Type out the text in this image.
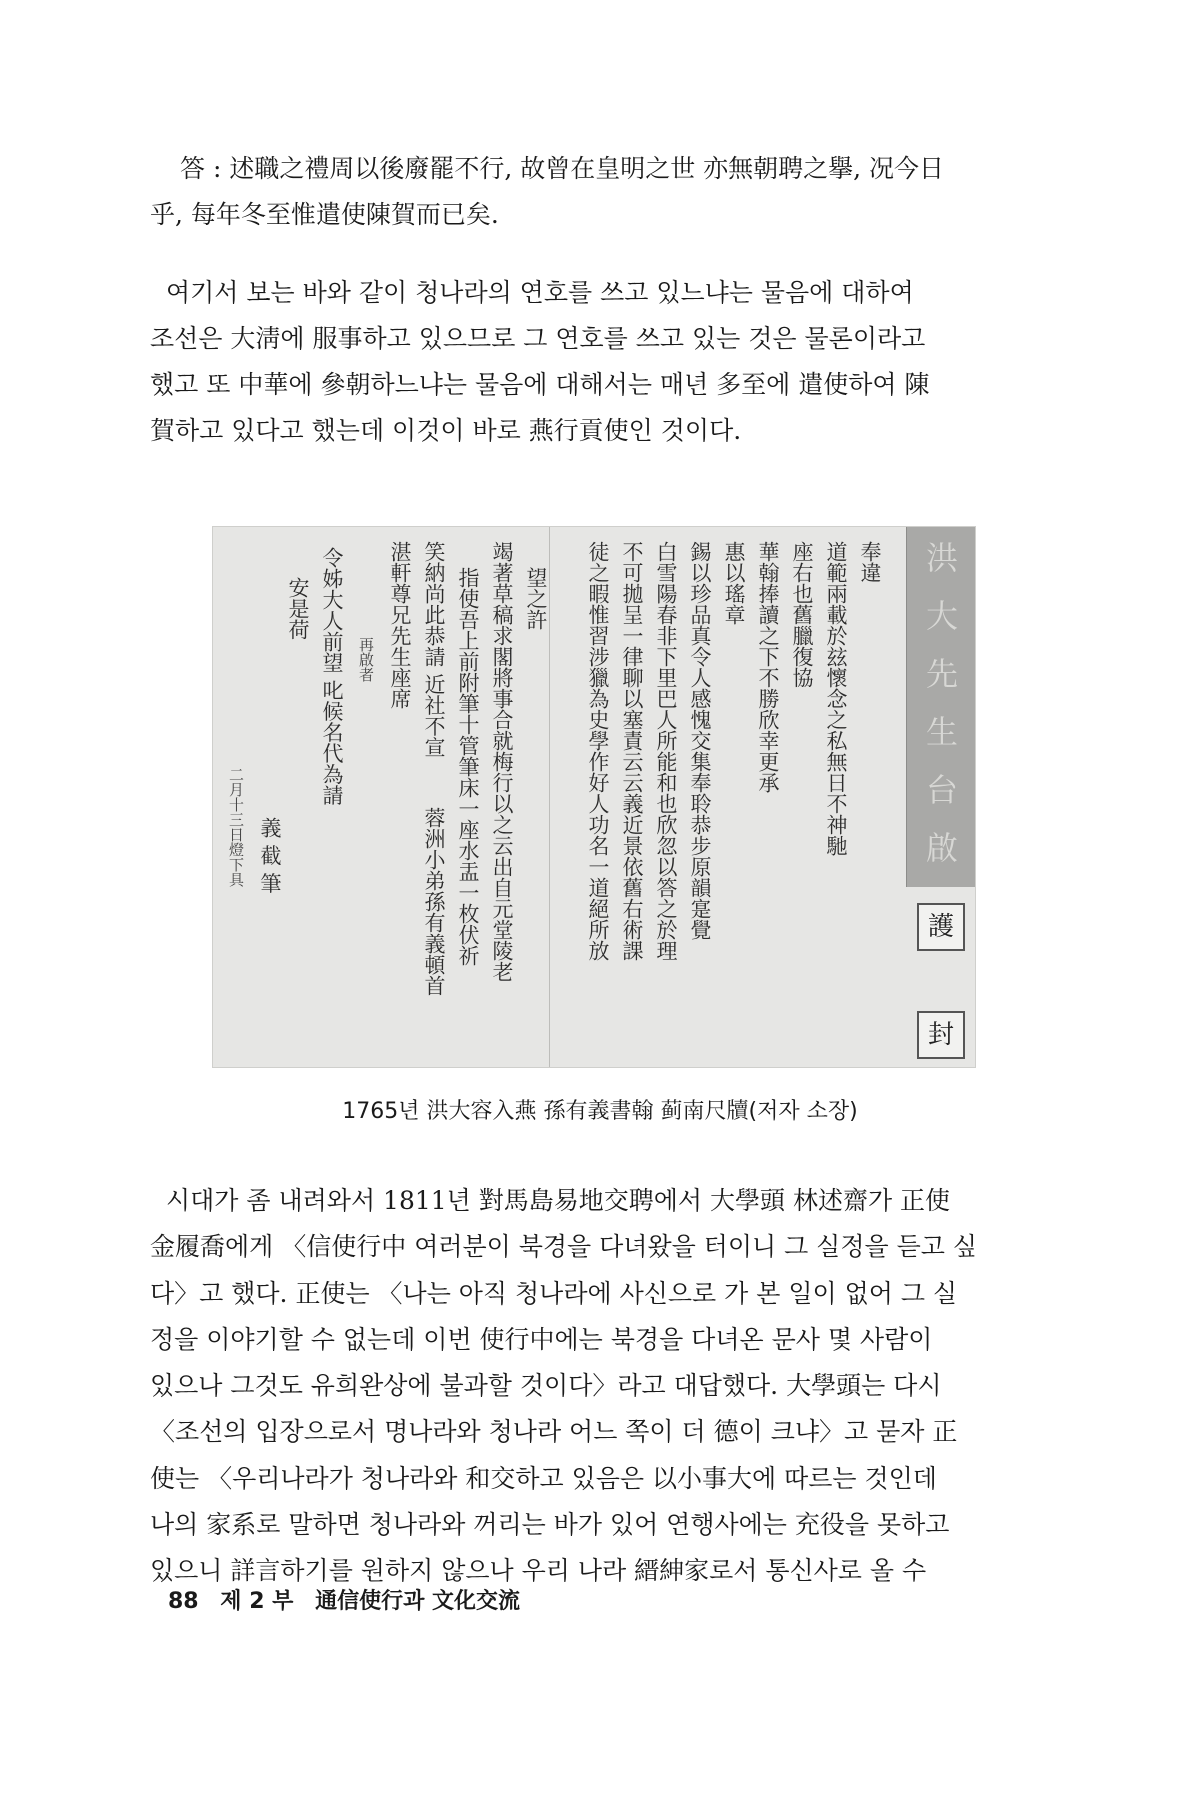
答 : 述職之禮周以後廢罷不行, 故曾在皇明之世 亦無朝聘之擧, 况今日
乎, 每年冬至惟遣使陳賀而已矣.
여기서 보는 바와 같이 청나라의 연호를 쓰고 있느냐는 물음에 대하여
조선은 大淸에 服事하고 있으므로 그 연호를 쓰고 있는 것은 물론이라고
했고 또 中華에 參朝하느냐는 물음에 대해서는 매년 多至에 遣使하여 陳
賀하고 있다고 했는데 이것이 바로 燕行貢使인 것이다.
洪大先生台啟
護
封
奉違
道範兩載於玆懷念之私無日不神馳
座右也舊臘復協
華翰捧讀之下不勝欣幸更承
惠以瑤章
錫以珍品真令人感愧交集奉聆恭步原韻寔覺
白雪陽春非下里巴人所能和也欣忽以答之於理
不可拋呈一律聊以塞責云云義近景依舊右術課
徒之暇惟習涉獵為史學作好人功名一道絕所放
望之許
竭著草稿求閣將事合就梅行以之云出自元堂陵老
指使吾上前附筆十管筆床一座水盂一枚伏祈
笑納尚此恭請 近社不宣
湛軒尊兄先生座席
蓉洲小弟孫有義頓首
再啟者
令姊大人前望 叱候名代為請
安是荷
義 截 筆
二月十三日燈下具
1765년 洪大容入燕 孫有義書翰 蓟南尺牘(저자 소장)
시대가 좀 내려와서 1811년 對馬島易地交聘에서 大學頭 林述齋가 正使
金履喬에게 〈信使行中 여러분이 북경을 다녀왔을 터이니 그 실정을 듣고 싶
다〉고 했다. 正使는 〈나는 아직 청나라에 사신으로 가 본 일이 없어 그 실
정을 이야기할 수 없는데 이번 使行中에는 북경을 다녀온 문사 몇 사람이
있으나 그것도 유희완상에 불과할 것이다〉라고 대답했다. 大學頭는 다시
〈조선의 입장으로서 명나라와 청나라 어느 쪽이 더 德이 크냐〉고 묻자 正
使는 〈우리나라가 청나라와 和交하고 있음은 以小事大에 따르는 것인데
나의 家系로 말하면 청나라와 꺼리는 바가 있어 연행사에는 充役을 못하고
있으니 詳言하기를 원하지 않으나 우리 나라 縉紳家로서 통신사로 올 수
88 제 2 부 通信使行과 文化交流
